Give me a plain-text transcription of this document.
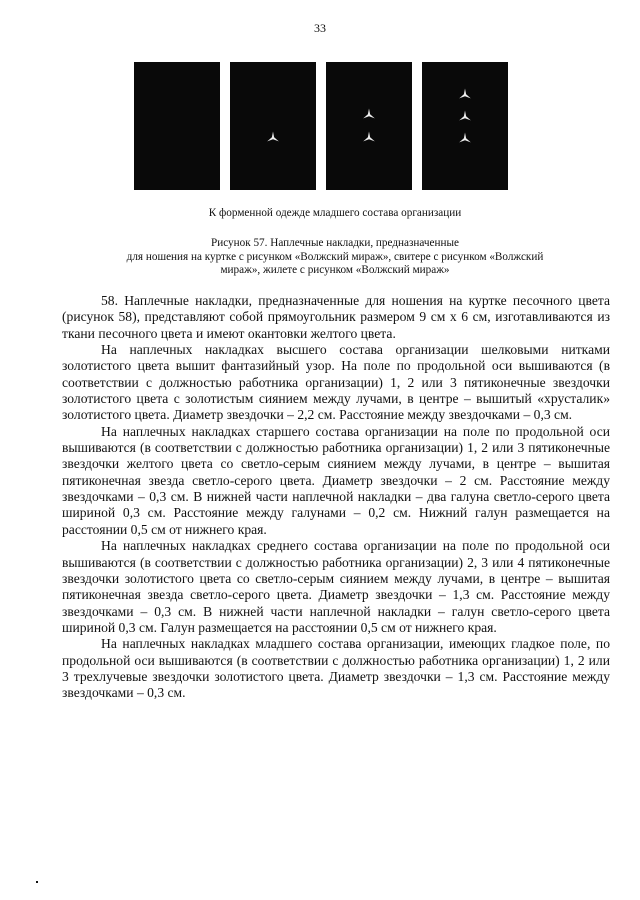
33
К форменной одежде младшего состава организации
Рисунок 57. Наплечные накладки, предназначенные
для ношения на куртке с рисунком «Волжский мираж», свитере с рисунком «Волжский
мираж», жилете с рисунком «Волжский мираж»

58. Наплечные накладки, предназначенные для ношения на куртке песочного цвета (рисунок 58), представляют собой прямоугольник размером 9 см х 6 см, изготавливаются из ткани песочного цвета и имеют окантовки желтого цвета.

На наплечных накладках высшего состава организации шелковыми нитками золотистого цвета вышит фантазийный узор. На поле по продольной оси вышиваются (в соответствии с должностью работника организации) 1, 2 или 3 пятиконечные звездочки золотистого цвета с золотистым сиянием между лучами, в центре – вышитый «хрусталик» золотистого цвета. Диаметр звездочки – 2,2 см. Расстояние между звездочками – 0,3 см.

На наплечных накладках старшего состава организации на поле по продольной оси вышиваются (в соответствии с должностью работника организации) 1, 2 или 3 пятиконечные звездочки желтого цвета со светло-серым сиянием между лучами, в центре – вышитая пятиконечная звезда светло-серого цвета. Диаметр звездочки – 2 см. Расстояние между звездочками – 0,3 см. В нижней части наплечной накладки – два галуна светло-серого цвета шириной 0,3 см. Расстояние между галунами – 0,2 см. Нижний галун размещается на расстоянии 0,5 см от нижнего края.

На наплечных накладках среднего состава организации на поле по продольной оси вышиваются (в соответствии с должностью работника организации) 2, 3 или 4 пятиконечные звездочки золотистого цвета со светло-серым сиянием между лучами, в центре – вышитая пятиконечная звезда светло-серого цвета. Диаметр звездочки – 1,3 см. Расстояние между звездочками – 0,3 см. В нижней части наплечной накладки – галун светло-серого цвета шириной 0,3 см. Галун размещается на расстоянии 0,5 см от нижнего края.

На наплечных накладках младшего состава организации, имеющих гладкое поле, по продольной оси вышиваются (в соответствии с должностью работника организации) 1, 2 или 3 трехлучевые звездочки золотистого цвета. Диаметр звездочки – 1,3 см. Расстояние между звездочками – 0,3 см.
